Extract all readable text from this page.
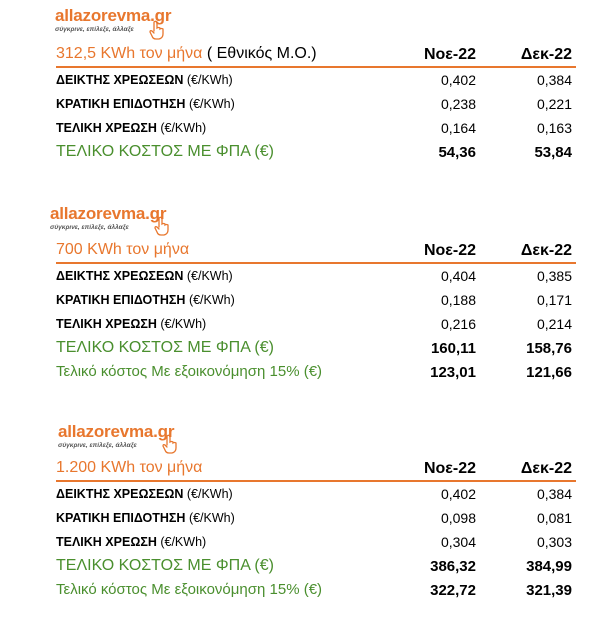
allazorevma.gr
σύγκρινε, επίλεξε, άλλαξε
312,5 KWh τον μήνα ( Εθνικός Μ.Ο.)	Νοε-22	Δεκ-22
ΔΕΙΚΤΗΣ ΧΡΕΩΣΕΩΝ (€/KWh)	0,402	0,384
ΚΡΑΤΙΚΗ ΕΠΙΔΟΤΗΣΗ (€/KWh)	0,238	0,221
ΤΕΛΙΚΗ ΧΡΕΩΣΗ (€/KWh)	0,164	0,163
ΤΕΛΙΚΟ ΚΟΣΤΟΣ ΜΕ ΦΠΑ (€)	54,36	53,84
allazorevma.gr
σύγκρινε, επίλεξε, άλλαξε
700 KWh τον μήνα	Νοε-22	Δεκ-22
ΔΕΙΚΤΗΣ ΧΡΕΩΣΕΩΝ (€/KWh)	0,404	0,385
ΚΡΑΤΙΚΗ ΕΠΙΔΟΤΗΣΗ (€/KWh)	0,188	0,171
ΤΕΛΙΚΗ ΧΡΕΩΣΗ (€/KWh)	0,216	0,214
ΤΕΛΙΚΟ ΚΟΣΤΟΣ ΜΕ ΦΠΑ (€)	160,11	158,76
Τελικό κόστος Με εξοικονόμηση 15% (€)	123,01	121,66
allazorevma.gr
σύγκρινε, επίλεξε, άλλαξε
1.200 KWh τον μήνα	Νοε-22	Δεκ-22
ΔΕΙΚΤΗΣ ΧΡΕΩΣΕΩΝ (€/KWh)	0,402	0,384
ΚΡΑΤΙΚΗ ΕΠΙΔΟΤΗΣΗ (€/KWh)	0,098	0,081
ΤΕΛΙΚΗ ΧΡΕΩΣΗ (€/KWh)	0,304	0,303
ΤΕΛΙΚΟ ΚΟΣΤΟΣ ΜΕ ΦΠΑ (€)	386,32	384,99
Τελικό κόστος Με εξοικονόμηση 15% (€)	322,72	321,39
